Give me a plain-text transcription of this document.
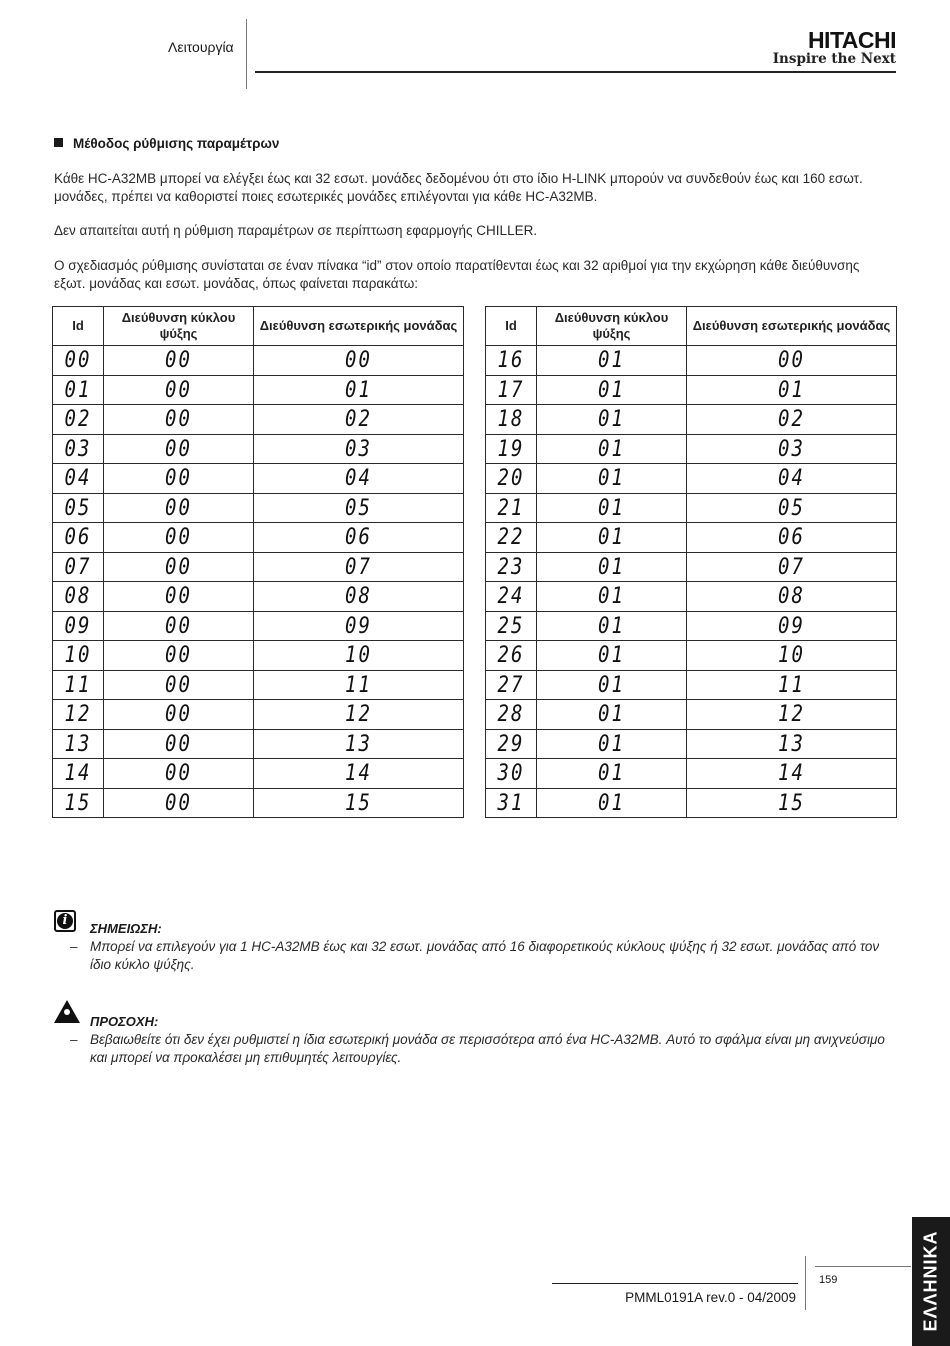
Λειτουργία	HITACHI
Inspire the Next
Μέθοδος ρύθμισης παραμέτρων
Κάθε HC-A32MB μπορεί να ελέγξει έως και 32 εσωτ. μονάδες δεδομένου ότι στο ίδιο H-LINK μπορούν να συνδεθούν έως και 160 εσωτ. μονάδες, πρέπει να καθοριστεί ποιες εσωτερικές μονάδες επιλέγονται για κάθε HC-A32MB.
Δεν απαιτείται αυτή η ρύθμιση παραμέτρων σε περίπτωση εφαρμογής CHILLER.
Ο σχεδιασμός ρύθμισης συνίσταται σε έναν πίνακα “id” στον οποίο παρατίθενται έως και 32 αριθμοί για την εκχώρηση κάθε διεύθυνσης εξωτ. μονάδας και εσωτ. μονάδας, όπως φαίνεται παρακάτω:
Id	Διεύθυνση κύκλου ψύξης	Διεύθυνση εσωτερικής μονάδας
00	00	00
01	00	01
02	00	02
03	00	03
04	00	04
05	00	05
06	00	06
07	00	07
08	00	08
09	00	09
10	00	10
11	00	11
12	00	12
13	00	13
14	00	14
15	00	15
Id	Διεύθυνση κύκλου ψύξης	Διεύθυνση εσωτερικής μονάδας
16	01	00
17	01	01
18	01	02
19	01	03
20	01	04
21	01	05
22	01	06
23	01	07
24	01	08
25	01	09
26	01	10
27	01	11
28	01	12
29	01	13
30	01	14
31	01	15
i
ΣΗΜΕΙΩΣΗ:
– Μπορεί να επιλεγούν για 1 HC-A32MB έως και 32 εσωτ. μονάδας από 16 διαφορετικούς κύκλους ψύξης ή 32 εσωτ. μονάδας από τον ίδιο κύκλο ψύξης.
ΠΡΟΣΟΧΗ:
– Βεβαιωθείτε ότι δεν έχει ρυθμιστεί η ίδια εσωτερική μονάδα σε περισσότερα από ένα HC-A32MB. Αυτό το σφάλμα είναι μη ανιχνεύσιμο και μπορεί να προκαλέσει μη επιθυμητές λειτουργίες.
PMML0191A rev.0 - 04/2009
159	ΕΛΛΗΝΙΚΑ
